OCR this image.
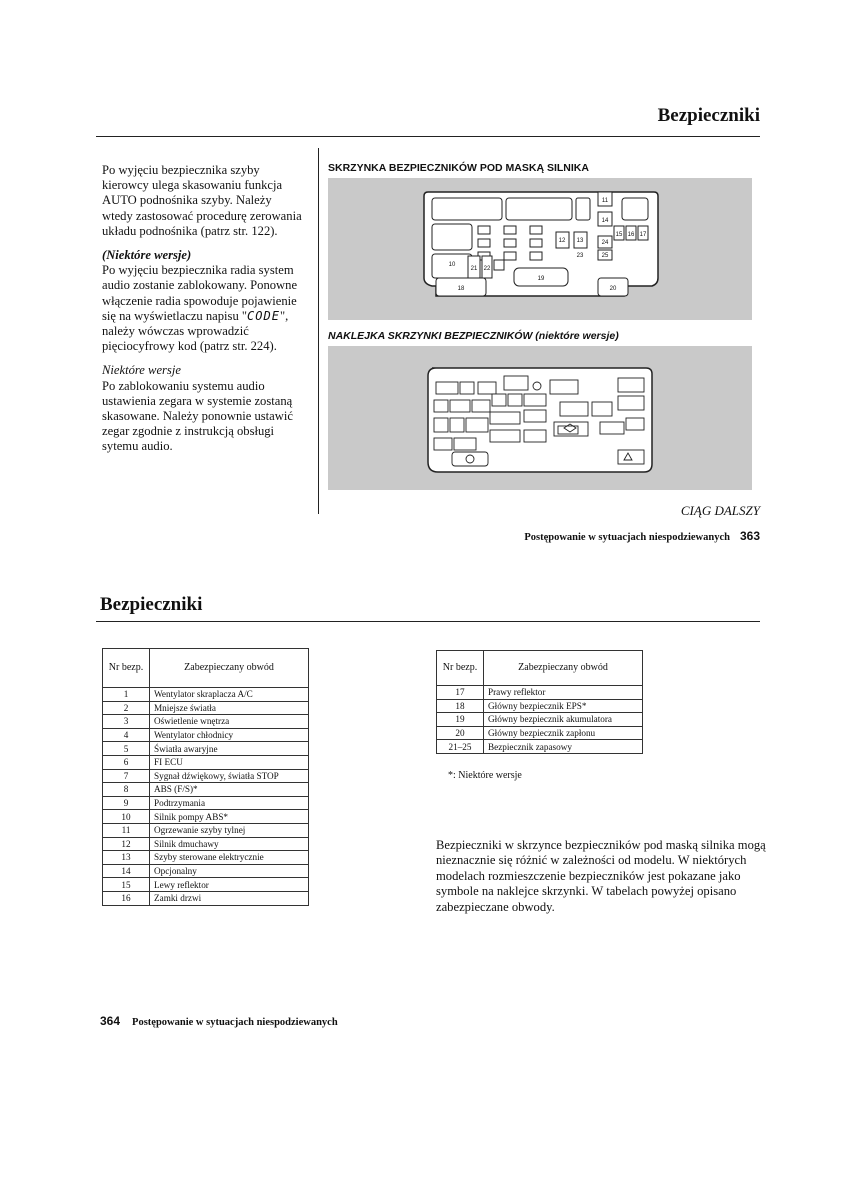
Bezpieczniki
Po wyjęciu bezpiecznika szyby kierowcy ulega skasowaniu funkcja AUTO podnośnika szyby. Należy wtedy zastosować procedurę zerowania układu podnośnika (patrz str. 122).
(Niektóre wersje)
Po wyjęciu bezpiecznika radia system audio zostanie zablokowany. Ponowne włączenie radia spowoduje pojawienie się na wyświetlaczu napisu "CODE", należy wówczas wprowadzić pięciocyfrowy kod (patrz str. 224).
Niektóre wersje
Po zablokowaniu systemu audio ustawienia zegara w systemie zostaną skasowane. Należy ponownie ustawić zegar zgodnie z instrukcją obsługi sytemu audio.
SKRZYNKA BEZPIECZNIKÓW POD MASKĄ SILNIKA
11
14
15 16 17
12 13	24
10
21 22
19
23	25
18	20
NAKLEJKA SKRZYNKI BEZPIECZNIKÓW (niektóre wersje)
CIĄG DALSZY
Postępowanie w sytuacjach niespodziewanych 363
Bezpieczniki
Nr bezp.	Zabezpieczany obwód
1	Wentylator skraplacza A/C
2	Mniejsze światła
3	Oświetlenie wnętrza
4	Wentylator chłodnicy
5	Światła awaryjne
6	FI ECU
7	Sygnał dźwiękowy, światła STOP
8	ABS (F/S)*
9	Podtrzymania
10	Silnik pompy ABS*
11	Ogrzewanie szyby tylnej
12	Silnik dmuchawy
13	Szyby sterowane elektrycznie
14	Opcjonalny
15	Lewy reflektor
16	Zamki drzwi
Nr bezp.	Zabezpieczany obwód
17	Prawy reflektor
18	Główny bezpiecznik EPS*
19	Główny bezpiecznik akumulatora
20	Główny bezpiecznik zapłonu
21–25	Bezpiecznik zapasowy
*: Niektóre wersje
Bezpieczniki w skrzynce bezpieczników pod maską silnika mogą nieznacznie się różnić w zależności od modelu. W niektórych modelach rozmieszczenie bezpieczników jest pokazane jako symbole na naklejce skrzynki. W tabelach powyżej opisano zabezpieczane obwody.
364 Postępowanie w sytuacjach niespodziewanych
